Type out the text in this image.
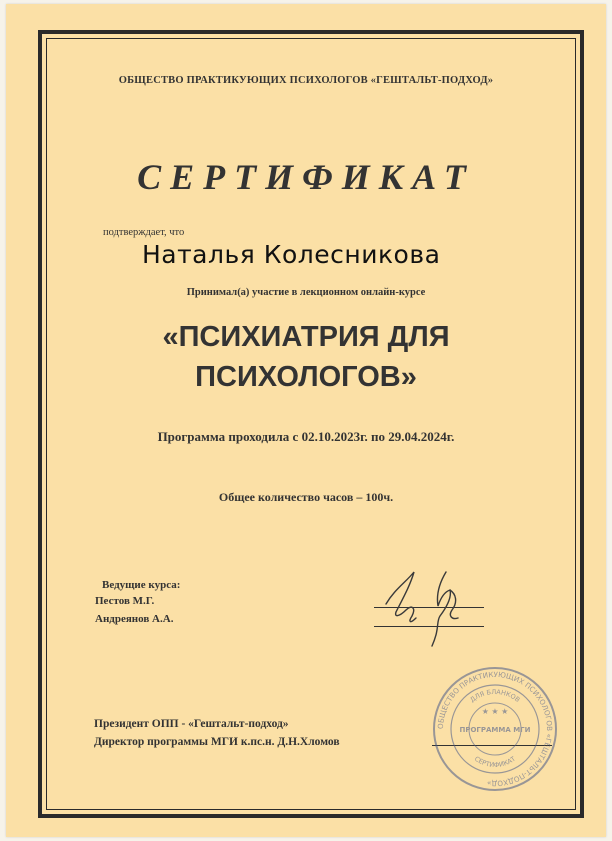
ОБЩЕСТВО ПРАКТИКУЮЩИХ ПСИХОЛОГОВ «ГЕШТАЛЬТ-ПОДХОД»
СЕРТИФИКАТ
подтверждает, что
Наталья Колесникова
Принимал(а) участие в лекционном онлайн-курсе
«ПСИХИАТРИЯ ДЛЯ
ПСИХОЛОГОВ»
Программа проходила с 02.10.2023г. по 29.04.2024г.
Общее количество часов – 100ч.
Ведущие курса:
Пестов М.Г.
Андреянов А.А.
ОБЩЕСТВО ПРАКТИКУЮЩИХ ПСИХОЛОГОВ «ГЕШТАЛЬТ-ПОДХОД»
ДЛЯ БЛАНКОВ
ПРОГРАММА МГИ
СЕРТИФИКАТ
★ ★ ★
Президент ОПП - «Гештальт-подход»
Директор программы МГИ к.пс.н. Д.Н.Хломов
